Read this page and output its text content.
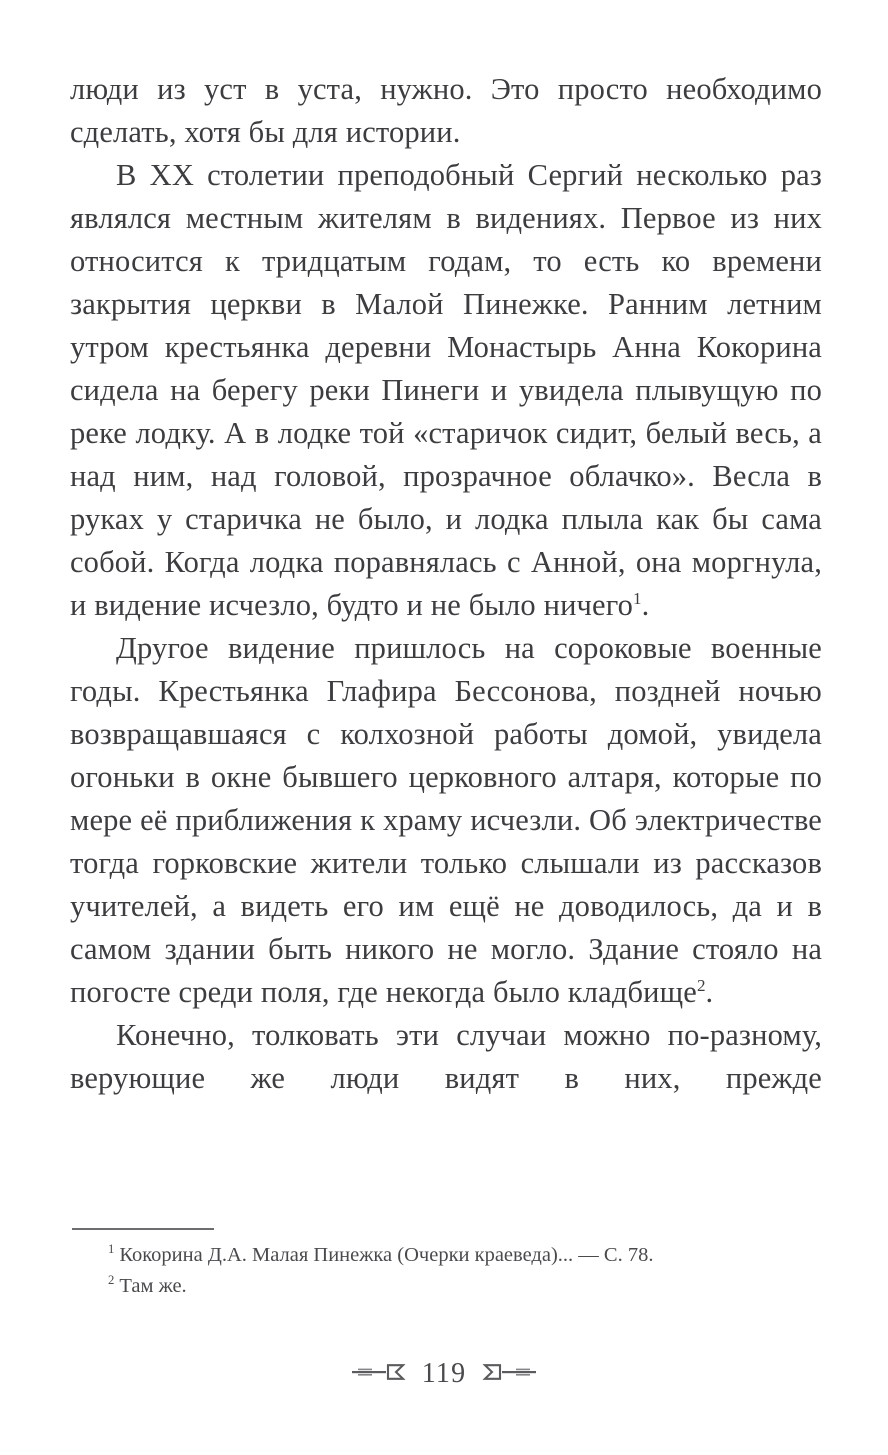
люди из уст в уста, нужно. Это просто необходимо сделать, хотя бы для истории.

В XX столетии преподобный Сергий несколько раз являлся местным жителям в видениях. Первое из них относится к тридцатым годам, то есть ко времени закрытия церкви в Малой Пинежке. Ранним летним утром крестьянка деревни Монастырь Анна Кокорина сидела на берегу реки Пинеги и увидела плывущую по реке лодку. А в лодке той «старичок сидит, белый весь, а над ним, над головой, прозрачное облачко». Весла в руках у старичка не было, и лодка плыла как бы сама собой. Когда лодка поравнялась с Анной, она моргнула, и видение исчезло, будто и не было ничего$^1$.

Другое видение пришлось на сороковые военные годы. Крестьянка Глафира Бессонова, поздней ночью возвращавшаяся с колхозной работы домой, увидела огоньки в окне бывшего церковного алтаря, которые по мере её приближения к храму исчезли. Об электричестве тогда горковские жители только слышали из рассказов учителей, а видеть его им ещё не доводилось, да и в самом здании быть никого не могло. Здание стояло на погосте среди поля, где некогда было кладбище$^2$.

Конечно, толковать эти случаи можно по-разному, верующие же люди видят в них, прежде

$^1$ Кокорина Д.А. Малая Пинежка (Очерки краеведа)... — С. 78.

$^2$ Там же.

119
